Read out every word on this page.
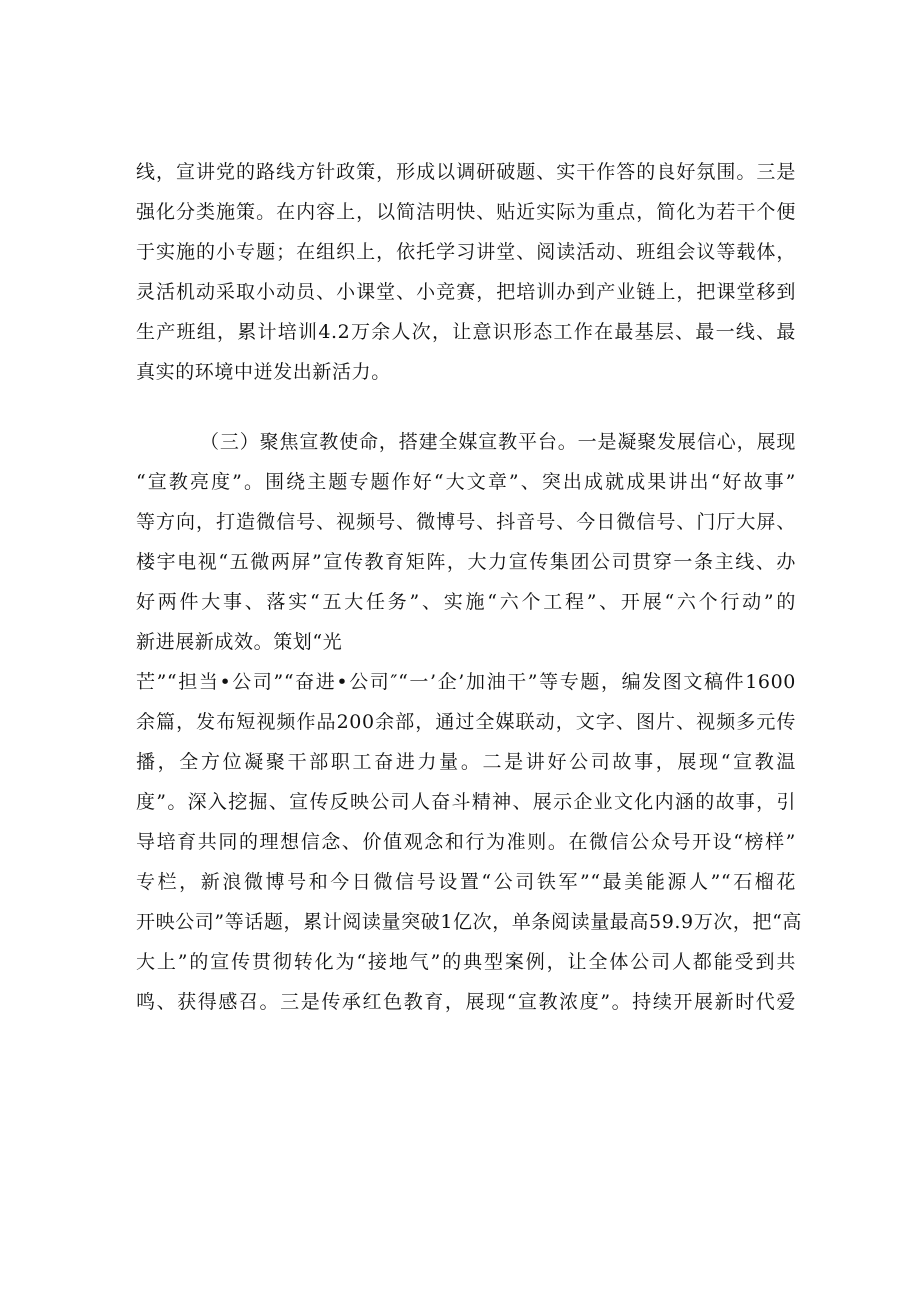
线，宣讲党的路线方针政策，形成以调研破题、实干作答的良好氛围。三是
强化分类施策。在内容上，以简洁明快、贴近实际为重点，简化为若干个便
于实施的小专题；在组织上，依托学习讲堂、阅读活动、班组会议等载体，
灵活机动采取小动员、小课堂、小竞赛，把培训办到产业链上，把课堂移到
生产班组，累计培训4.2万余人次，让意识形态工作在最基层、最一线、最
真实的环境中迸发出新活力。
（三）聚焦宣教使命，搭建全媒宣教平台。一是凝聚发展信心，展现
“宣教亮度”。围绕主题专题作好“大文章”、突出成就成果讲出“好故事”
等方向，打造微信号、视频号、微博号、抖音号、今日微信号、门厅大屏、
楼宇电视“五微两屏”宣传教育矩阵，大力宣传集团公司贯穿一条主线、办
好两件大事、落实“五大任务”、实施“六个工程”、开展“六个行动”的
新进展新成效。策划“光
芒”“担当•公司”“奋进•公司″“一’企’加油干”等专题，编发图文稿件1600
余篇，发布短视频作品200余部，通过全媒联动，文字、图片、视频多元传
播，全方位凝聚干部职工奋进力量。二是讲好公司故事，展现“宣教温
度”。深入挖掘、宣传反映公司人奋斗精神、展示企业文化内涵的故事，引
导培育共同的理想信念、价值观念和行为准则。在微信公众号开设“榜样”
专栏，新浪微博号和今日微信号设置“公司铁军”“最美能源人”“石榴花
开映公司”等话题，累计阅读量突破1亿次，单条阅读量最高59.9万次，把“高
大上”的宣传贯彻转化为“接地气”的典型案例，让全体公司人都能受到共
鸣、获得感召。三是传承红色教育，展现“宣教浓度”。持续开展新时代爱
